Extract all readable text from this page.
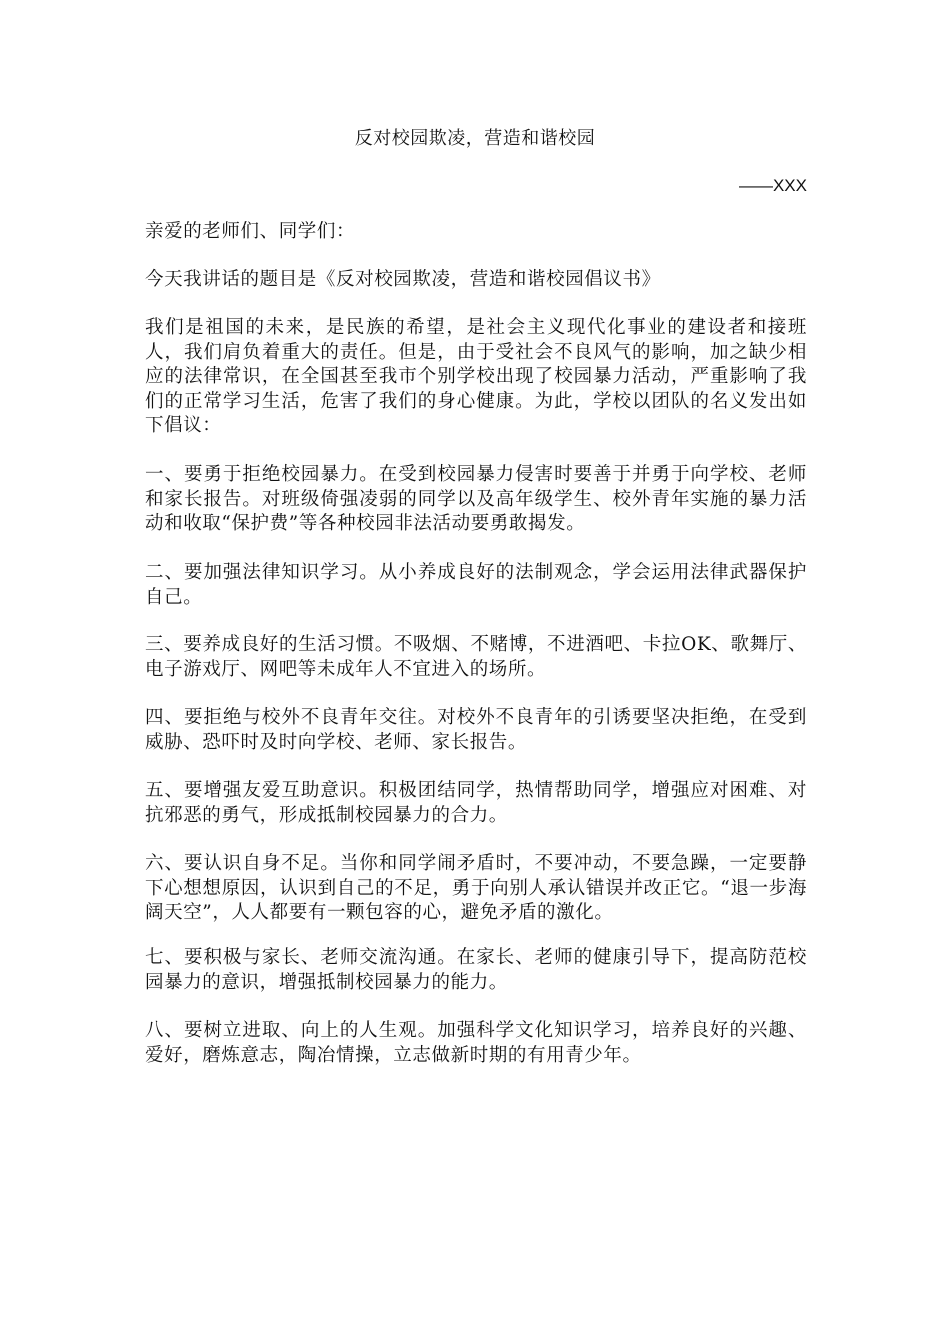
反对校园欺凌，营造和谐校园
——XXX

亲爱的老师们、同学们：

今天我讲话的题目是《反对校园欺凌，营造和谐校园倡议书》

我们是祖国的未来，是民族的希望，是社会主义现代化事业的建设者和接班人，我们肩负着重大的责任。但是，由于受社会不良风气的影响，加之缺少相应的法律常识，在全国甚至我市个别学校出现了校园暴力活动，严重影响了我们的正常学习生活，危害了我们的身心健康。为此，学校以团队的名义发出如下倡议：

一、要勇于拒绝校园暴力。在受到校园暴力侵害时要善于并勇于向学校、老师和家长报告。对班级倚强凌弱的同学以及高年级学生、校外青年实施的暴力活动和收取“保护费”等各种校园非法活动要勇敢揭发。

二、要加强法律知识学习。从小养成良好的法制观念，学会运用法律武器保护自己。

三、要养成良好的生活习惯。不吸烟、不赌博，不进酒吧、卡拉OK、歌舞厅、电子游戏厅、网吧等未成年人不宜进入的场所。

四、要拒绝与校外不良青年交往。对校外不良青年的引诱要坚决拒绝，在受到威胁、恐吓时及时向学校、老师、家长报告。

五、要增强友爱互助意识。积极团结同学，热情帮助同学，增强应对困难、对抗邪恶的勇气，形成抵制校园暴力的合力。

六、要认识自身不足。当你和同学闹矛盾时，不要冲动，不要急躁，一定要静下心想想原因，认识到自己的不足，勇于向别人承认错误并改正它。“退一步海阔天空”，人人都要有一颗包容的心，避免矛盾的激化。

七、要积极与家长、老师交流沟通。在家长、老师的健康引导下，提高防范校园暴力的意识，增强抵制校园暴力的能力。

八、要树立进取、向上的人生观。加强科学文化知识学习，培养良好的兴趣、爱好，磨炼意志，陶冶情操，立志做新时期的有用青少年。
